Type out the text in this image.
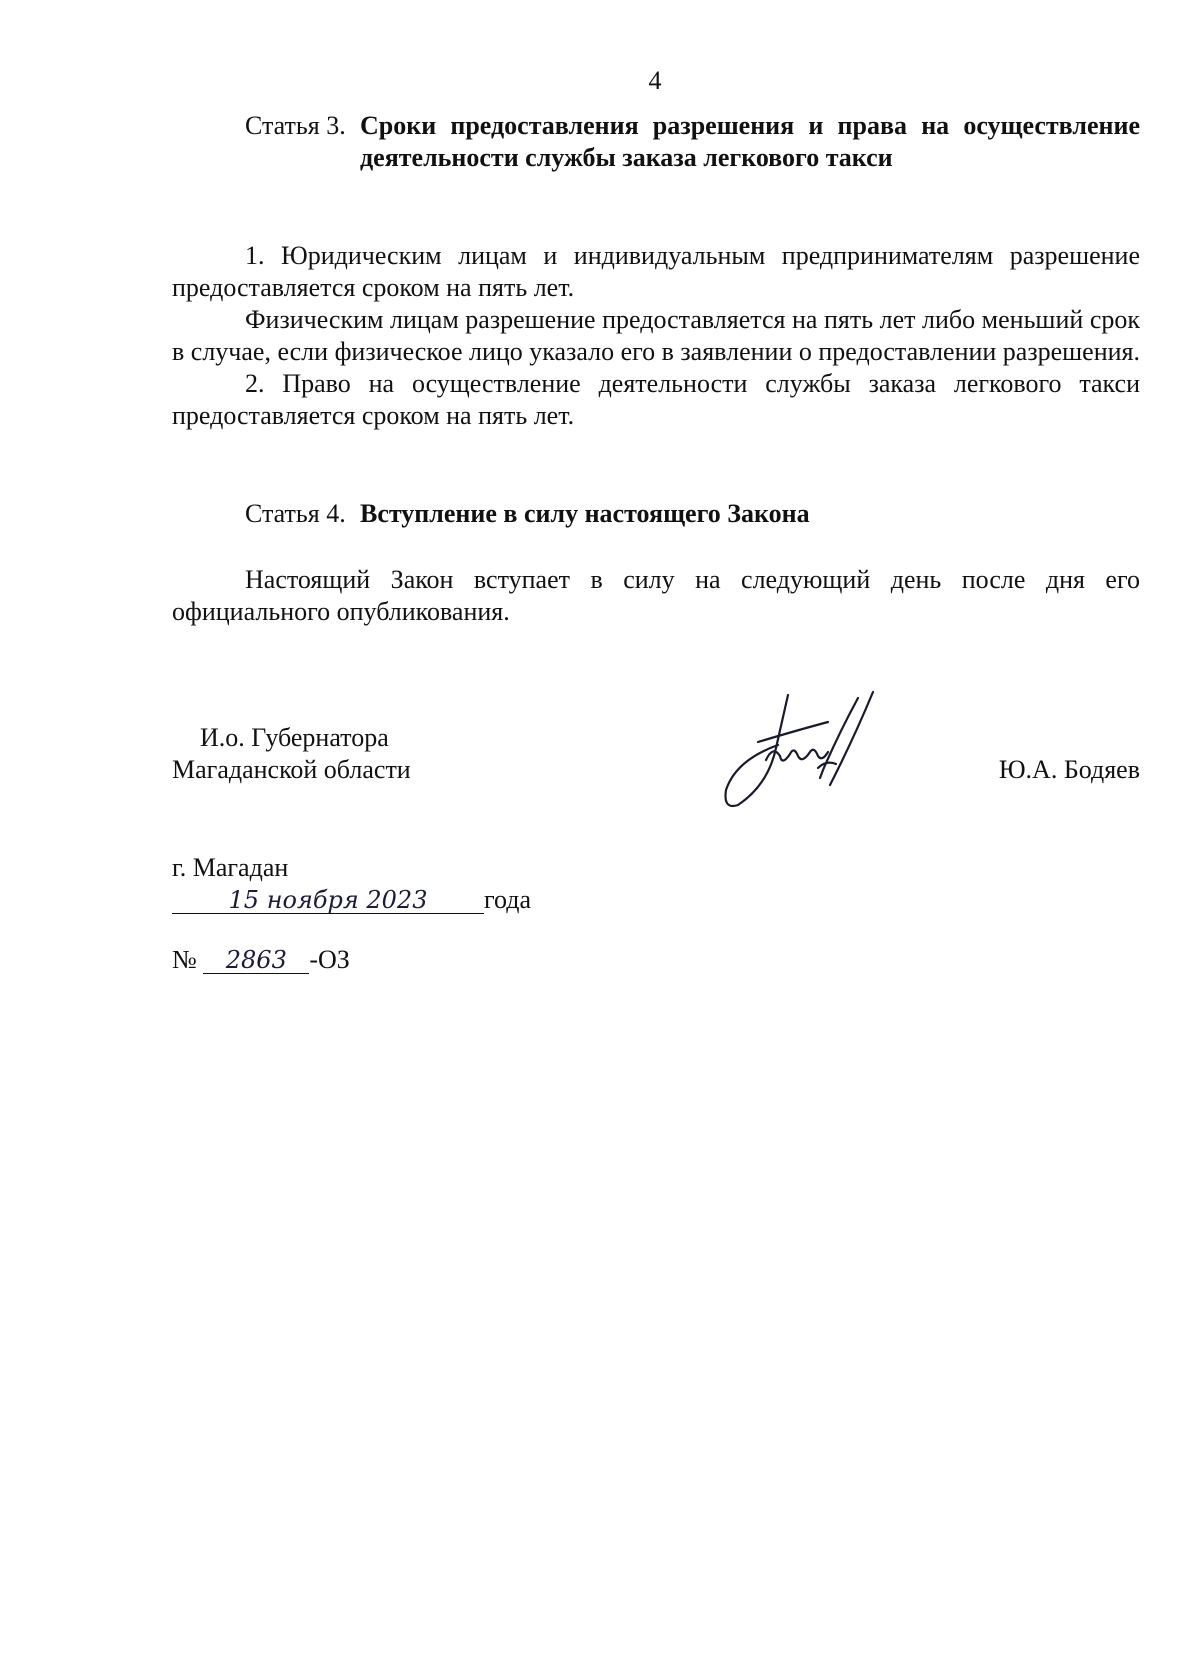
4
Статья 3. Сроки предоставления разрешения и права на осуществление деятельности службы заказа легкового такси

1. Юридическим лицам и индивидуальным предпринимателям разрешение предоставляется сроком на пять лет.

Физическим лицам разрешение предоставляется на пять лет либо меньший срок в случае, если физическое лицо указало его в заявлении о предоставлении разрешения.

2. Право на осуществление деятельности службы заказа легкового такси предоставляется сроком на пять лет.

Статья 4. Вступление в силу настоящего Закона

Настоящий Закон вступает в силу на следующий день после дня его официального опубликования.

И.о. Губернатора
Магаданской области	Ю.А. Бодяев
г. Магадан
15 ноября 2023 года
№ 2863 -ОЗ
